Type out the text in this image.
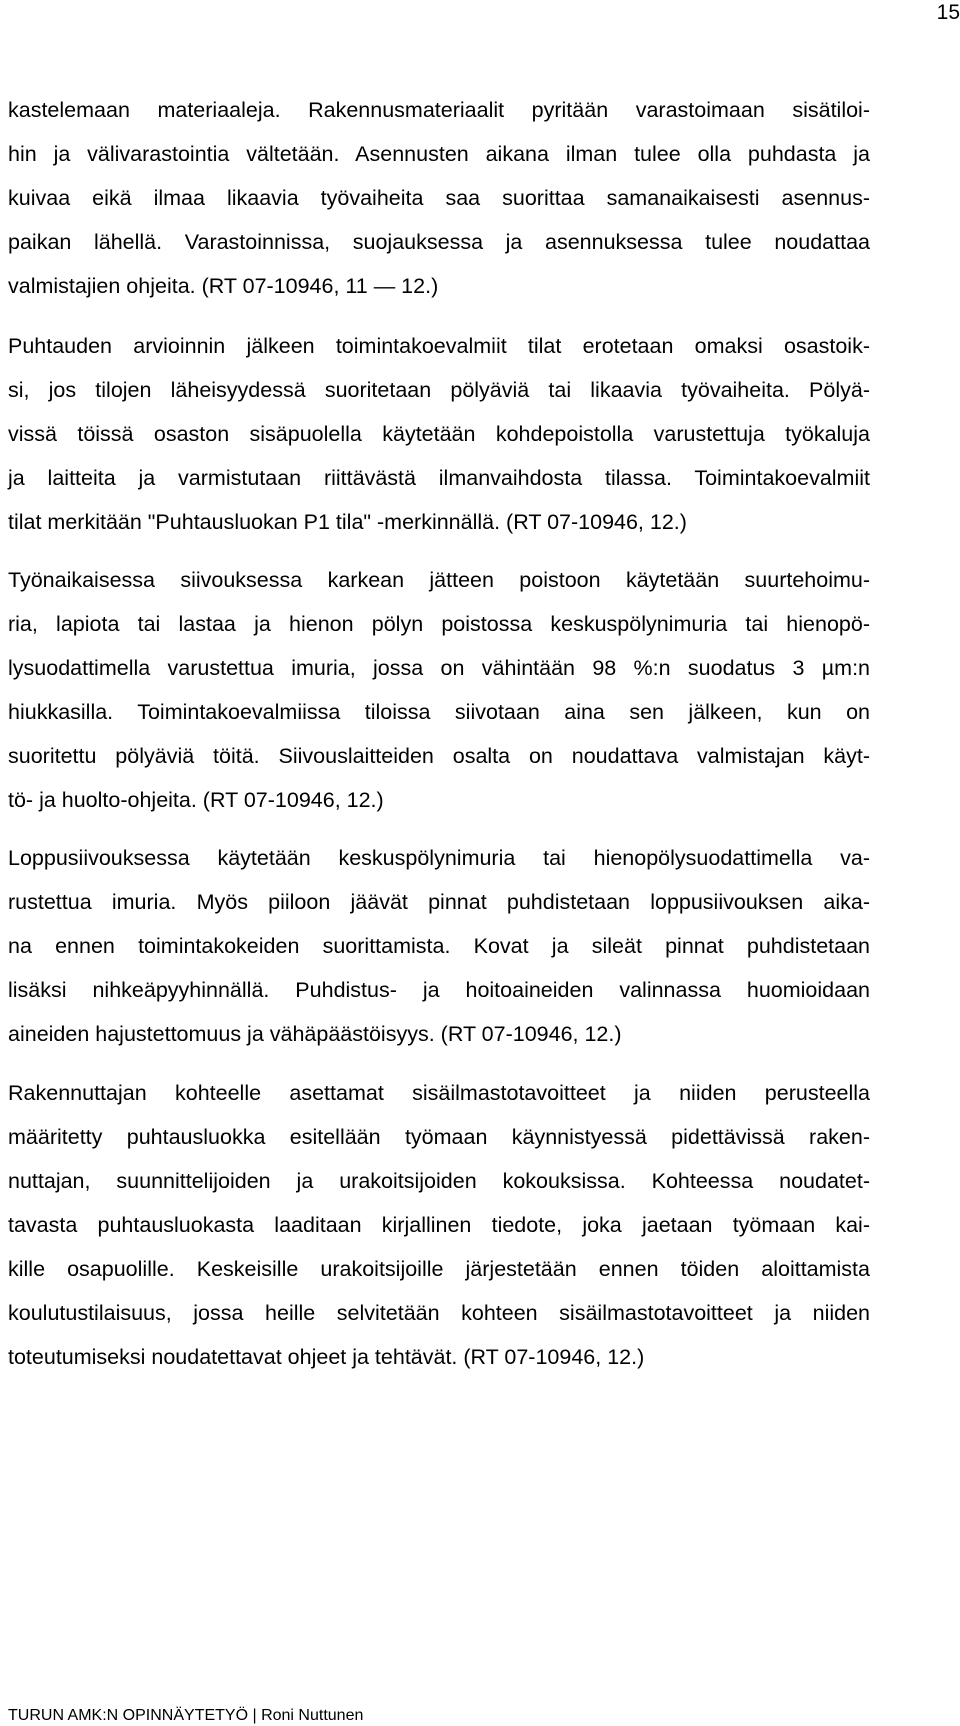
15
kastelemaan materiaaleja. Rakennusmateriaalit pyritään varastoimaan sisätiloi-
hin ja välivarastointia vältetään. Asennusten aikana ilman tulee olla puhdasta ja
kuivaa eikä ilmaa likaavia työvaiheita saa suorittaa samanaikaisesti asennus-
paikan lähellä. Varastoinnissa, suojauksessa ja asennuksessa tulee noudattaa
valmistajien ohjeita. (RT 07-10946, 11 — 12.)
Puhtauden arvioinnin jälkeen toimintakoevalmiit tilat erotetaan omaksi osastoik-
si, jos tilojen läheisyydessä suoritetaan pölyäviä tai likaavia työvaiheita. Pölyä-
vissä töissä osaston sisäpuolella käytetään kohdepoistolla varustettuja työkaluja
ja laitteita ja varmistutaan riittävästä ilmanvaihdosta tilassa. Toimintakoevalmiit
tilat merkitään "Puhtausluokan P1 tila" -merkinnällä. (RT 07-10946, 12.)
Työnaikaisessa siivouksessa karkean jätteen poistoon käytetään suurtehoimu-
ria, lapiota tai lastaa ja hienon pölyn poistossa keskuspölynimuria tai hienopö-
lysuodattimella varustettua imuria, jossa on vähintään 98 %:n suodatus 3 µm:n
hiukkasilla. Toimintakoevalmiissa tiloissa siivotaan aina sen jälkeen, kun on
suoritettu pölyäviä töitä. Siivouslaitteiden osalta on noudattava valmistajan käyt-
tö- ja huolto-ohjeita. (RT 07-10946, 12.)
Loppusiivouksessa käytetään keskuspölynimuria tai hienopölysuodattimella va-
rustettua imuria. Myös piiloon jäävät pinnat puhdistetaan loppusiivouksen aika-
na ennen toimintakokeiden suorittamista. Kovat ja sileät pinnat puhdistetaan
lisäksi nihkeäpyyhinnällä. Puhdistus- ja hoitoaineiden valinnassa huomioidaan
aineiden hajustettomuus ja vähäpäästöisyys. (RT 07-10946, 12.)
Rakennuttajan kohteelle asettamat sisäilmastotavoitteet ja niiden perusteella
määritetty puhtausluokka esitellään työmaan käynnistyessä pidettävissä raken-
nuttajan, suunnittelijoiden ja urakoitsijoiden kokouksissa. Kohteessa noudatet-
tavasta puhtausluokasta laaditaan kirjallinen tiedote, joka jaetaan työmaan kai-
kille osapuolille. Keskeisille urakoitsijoille järjestetään ennen töiden aloittamista
koulutustilaisuus, jossa heille selvitetään kohteen sisäilmastotavoitteet ja niiden
toteutumiseksi noudatettavat ohjeet ja tehtävät. (RT 07-10946, 12.)
TURUN AMK:N OPINNÄYTETYÖ | Roni Nuttunen
